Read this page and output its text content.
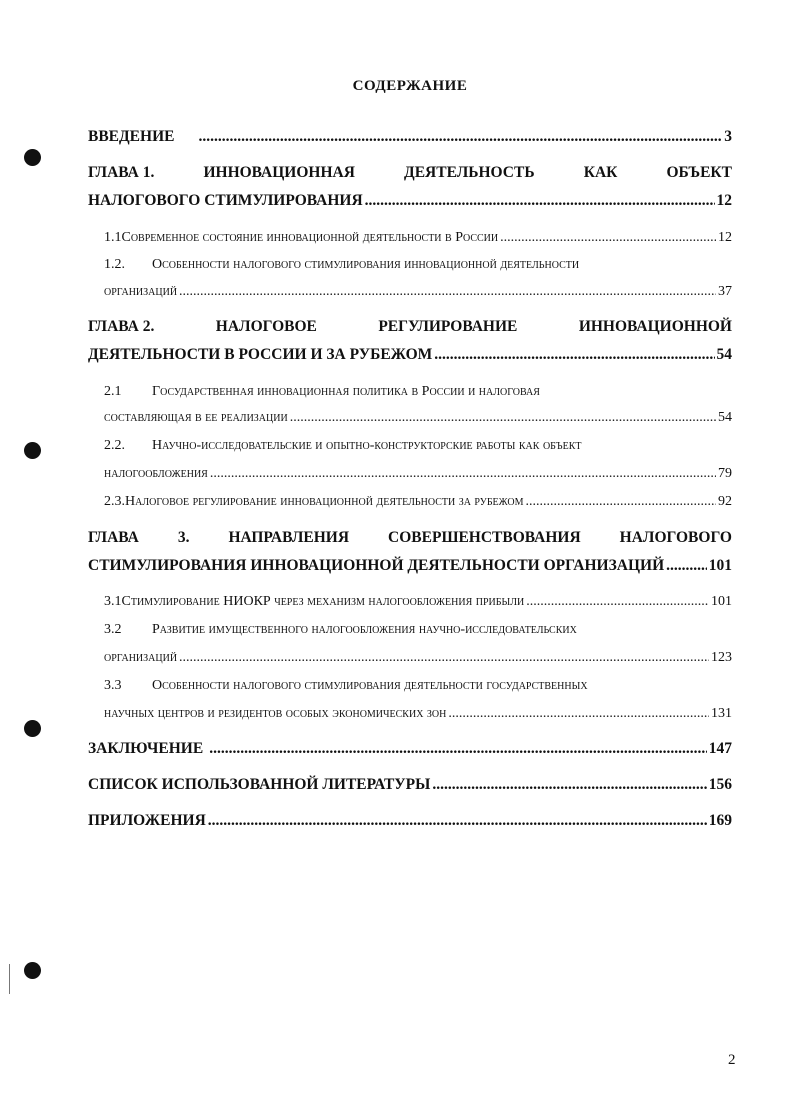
СОДЕРЖАНИЕ
ВВЕДЕНИЕ .....	3
ГЛАВА 1.	ИННОВАЦИОННАЯ	ДЕЯТЕЛЬНОСТЬ	КАК	ОБЪЕКТ
НАЛОГОВОГО СТИМУЛИРОВАНИЯ .....	12
1.1 Современное состояние инновационной деятельности в России .....	12
1.2.	Особенности налогового стимулирования инновационной деятельности
организаций .....	37
ГЛАВА 2.	НАЛОГОВОЕ	РЕГУЛИРОВАНИЕ	ИННОВАЦИОННОЙ
ДЕЯТЕЛЬНОСТИ В РОССИИ И ЗА РУБЕЖОМ .....	54
2.1	Государственная инновационная политика в России и налоговая
составляющая в ее реализации .....	54
2.2.	Научно-исследовательские и опытно-конструкторские работы как объект
налогообложения .....	79
2.3. Налоговое регулирование инновационной деятельности за рубежом .....	92
ГЛАВА	3.	НАПРАВЛЕНИЯ	СОВЕРШЕНСТВОВАНИЯ	НАЛОГОВОГО
СТИМУЛИРОВАНИЯ ИННОВАЦИОННОЙ ДЕЯТЕЛЬНОСТИ ОРГАНИЗАЦИЙ .....	101
3.1 Стимулирование НИОКР через механизм налогообложения прибыли .....	101
3.2	Развитие имущественного налогообложения научно-исследовательских
организаций .....	123
3.3	Особенности налогового стимулирования деятельности государственных
научных центров и резидентов особых экономических зон .....	131
ЗАКЛЮЧЕНИЕ .....	147
СПИСОК ИСПОЛЬЗОВАННОЙ ЛИТЕРАТУРЫ .....	156
ПРИЛОЖЕНИЯ .....	169
2
